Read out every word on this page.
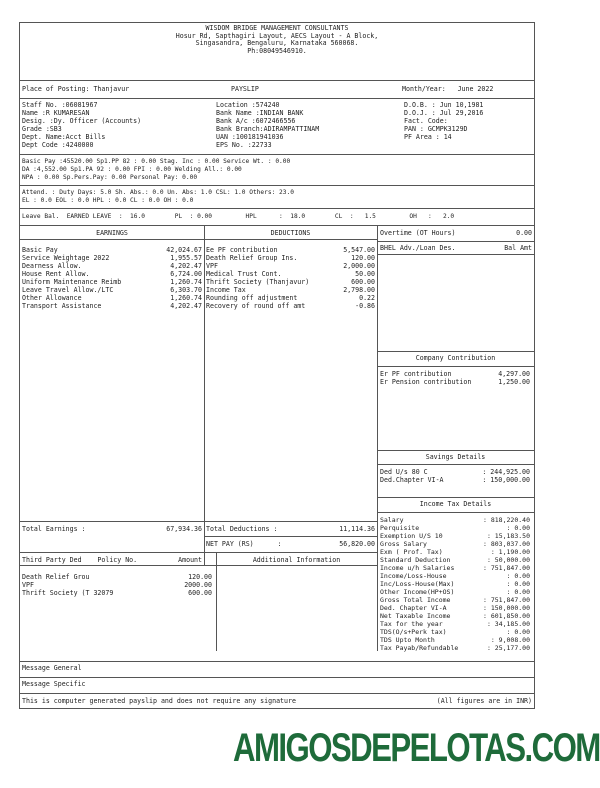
WISDOM BRIDGE MANAGEMENT CONSULTANTS
Hosur Rd, Sapthagiri Layout, AECS Layout - A Block,
Singasandra, Bengaluru, Karnataka 560068.
Ph:08049546910.
Place of Posting: Thanjavur	PAYSLIP	Month/Year:   June 2022
Staff No. :06081967
Name :R KUMARESAN
Desig. :Dy. Officer (Accounts)
Grade :SB3
Dept. Name:Acct Bills
Dept Code :4240000
Location :574240
Bank Name :INDIAN BANK
Bank A/c :6072466556
Bank Branch:ADIRAMPATTINAM
UAN :100181941036
EPS No. :22733
D.O.B. : Jun 10,1981
D.O.J. : Jul 29,2016
Fact. Code:
PAN : GCMPK3129D
PF Area : 14
Basic Pay :45520.00 Sp1.PP 82 : 0.00 Stag. Inc : 0.00 Service Wt. : 0.00
DA :4,552.00 Sp1.PA 92 : 0.00 FPI : 0.00 Welding All.: 0.00
NPA : 0.00 Sp.Pers.Pay: 0.00 Personal Pay: 0.00
Attend. : Duty Days: 5.0 Sh. Abs.: 0.0 Un. Abs: 1.0 CSL: 1.0 Others: 23.0
EL : 0.0 EOL : 0.0 HPL : 0.0 CL : 0.0 OH : 0.0
Leave Bal.  EARNED LEAVE  :  16.0        PL  : 0.00         HPL      :  18.0        CL  :   1.5         OH   :   2.0
EARNINGS	DEDUCTIONS	Overtime (OT Hours)	0.00
BHEL Adv./Loan Des.	Bal Amt
Basic Pay	42,024.67
Service Weightage 2022	1,955.57
Dearness Allow.	4,202.47
House Rent Allow.	6,724.00
Uniform Maintenance Reimb	1,260.74
Leave Travel Allow./LTC	6,303.70
Other Allowance	1,260.74
Transport Assistance	4,202.47
Ee PF contribution	5,547.00
Death Relief Group Ins.	120.00
VPF	2,000.00
Medical Trust Cont.	50.00
Thrift Society (Thanjavur)	600.00
Income Tax	2,798.00
Rounding off adjustment	0.22
Recovery of round off amt	-0.86
Company Contribution
Er PF contribution	4,297.00
Er Pension contribution	1,250.00
Savings Details
Ded U/s 80 C	: 244,925.00
Ded.Chapter VI-A	: 150,000.00
Income Tax Details
Salary	: 818,220.40
Perquisite	: 0.00
Exemption U/S 10	: 15,183.50
Gross Salary	: 803,037.00
Exm ( Prof. Tax)	: 1,190.00
Standard Deduction	: 50,000.00
Income u/h Salaries	: 751,847.00
Income/Loss-House	: 0.00
Inc/Loss-House(Max)	: 0.00
Other Income(HP+OS)	: 0.00
Gross Total Income	: 751,847.00
Ded. Chapter VI-A	: 150,000.00
Net Taxable Income	: 601,850.00
Tax for the year	: 34,185.00
TDS(O/s+Perk tax)	: 0.00
TDS Upto Month	: 9,008.00
Tax Payab/Refundable	: 25,177.00
Total Earnings :	67,934.36 Total Deductions :	11,114.36
NET PAY (RS)      :	56,820.00
Third Party Ded    Policy No.	Amount	Additional Information
Death Relief Grou	120.00
VPF	2000.00
Thrift Society (T 32079	600.00
Message General
Message Specific
This is computer generated payslip and does not require any signature	(All figures are in INR)
AMIGOSDEPELOTAS.COM
